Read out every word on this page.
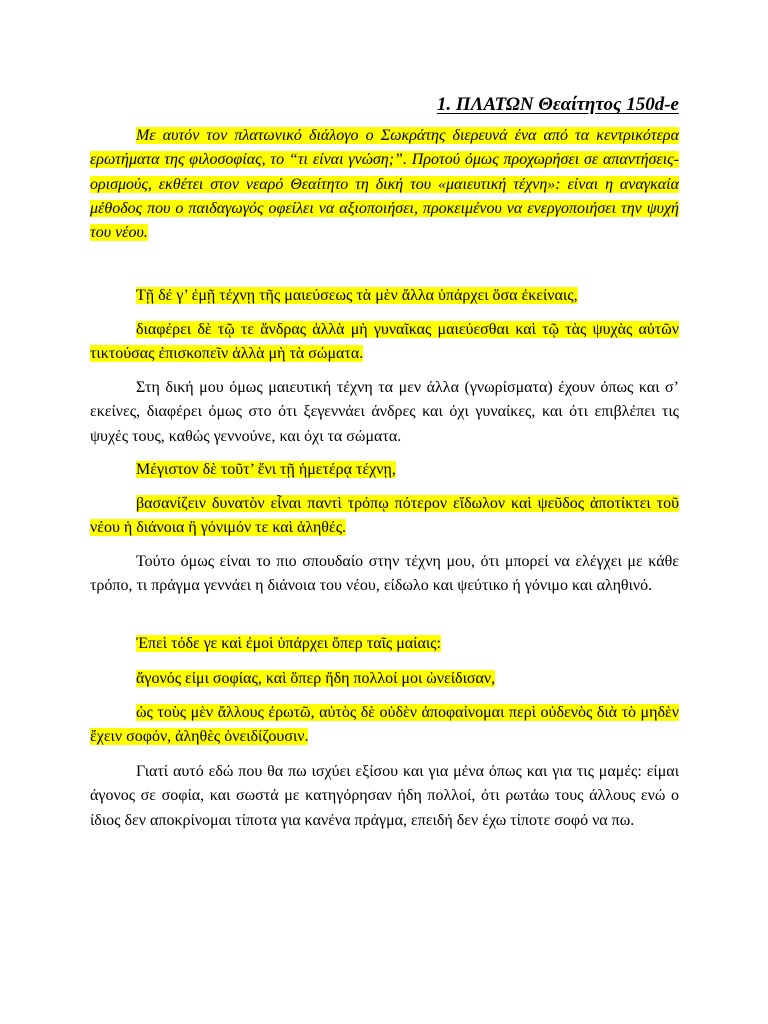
1. ΠΛΑΤΩΝ Θεαίτητος 150d-e
Με αυτόν τον πλατωνικό διάλογο ο Σωκράτης διερευνά ένα από τα κεντρικότερα ερωτήματα της φιλοσοφίας, το “τι είναι γνώση;”. Προτού όμως προχωρήσει σε απαντήσεις-ορισμούς, εκθέτει στον νεαρό Θεαίτητο τη δική του «μαιευτική τέχνη»: είναι η αναγκαία μέθοδος που ο παιδαγωγός οφείλει να αξιοποιήσει, προκειμένου να ενεργοποιήσει την ψυχή του νέου.
Τῇ δέ γ’ ἐμῇ τέχνῃ τῆς μαιεύσεως τὰ μὲν ἄλλα ὑπάρχει ὅσα ἐκείναις,
διαφέρει δὲ τῷ τε ἄνδρας ἀλλὰ μὴ γυναῖκας μαιεύεσθαι καὶ τῷ τὰς ψυχὰς αὐτῶν τικτούσας ἐπισκοπεῖν ἀλλὰ μὴ τὰ σώματα.
Στη δική μου όμως μαιευτική τέχνη τα μεν άλλα (γνωρίσματα) έχουν όπως και σ’ εκείνες, διαφέρει όμως στο ότι ξεγεννάει άνδρες και όχι γυναίκες, και ότι επιβλέπει τις ψυχές τους, καθώς γεννούνε, και όχι τα σώματα.
Μέγιστον δὲ τοῦτ’ ἔνι τῇ ἡμετέρᾳ τέχνῃ,
βασανίζειν δυνατὸν εἶναι παντὶ τρόπῳ πότερον εἴδωλον καὶ ψεῦδος ἀποτίκτει τοῦ νέου ἡ διάνοια ἢ γόνιμόν τε καὶ ἀληθές.
Τούτο όμως είναι το πιο σπουδαίο στην τέχνη μου, ότι μπορεί να ελέγχει με κάθε τρόπο, τι πράγμα γεννάει η διάνοια του νέου, είδωλο και ψεύτικο ή γόνιμο και αληθινό.
Ἐπεὶ τόδε γε καὶ ἐμοὶ ὑπάρχει ὅπερ ταῖς μαίαις:
ἄγονός εἰμι σοφίας, καὶ ὅπερ ἤδη πολλοί μοι ὠνείδισαν,
ὡς τοὺς μὲν ἄλλους ἐρωτῶ, αὐτὸς δὲ οὐδὲν ἀποφαίνομαι περὶ οὐδενὸς διὰ τὸ μηδὲν ἔχειν σοφόν, ἀληθὲς ὀνειδίζουσιν.
Γιατί αυτό εδώ που θα πω ισχύει εξίσου και για μένα όπως και για τις μαμές: είμαι άγονος σε σοφία, και σωστά με κατηγόρησαν ήδη πολλοί, ότι ρωτάω τους άλλους ενώ ο ίδιος δεν αποκρίνομαι τίποτα για κανένα πράγμα, επειδή δεν έχω τίποτε σοφό να πω.
